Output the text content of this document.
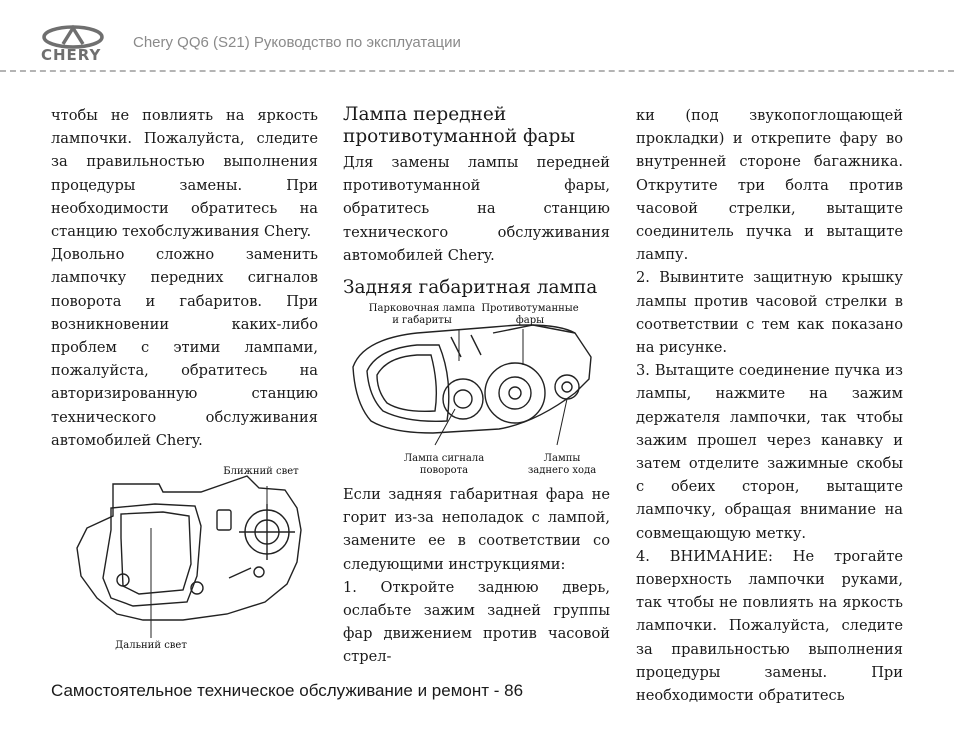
CHERY
Chery QQ6 (S21) Руководство по эксплуатации

чтобы не повлиять на яркость лампочки. Пожалуйста, следите за правильностью выполнения процедуры замены. При необходимости обратитесь на станцию техобслуживания Chery.

Довольно сложно заменить лампочку передних сигналов поворота и габаритов. При возникновении каких-либо проблем с этими лампами, пожалуйста, обратитесь на авторизированную станцию технического обслуживания автомобилей Chery.

Ближний свет
Дальний свет
Лампа передней противотуманной фары

Для замены лампы передней противотуманной фары, обратитесь на станцию технического обслуживания автомобилей Chery.

Задняя габаритная лампа
Парковочная лампа
и габариты
Противотуманные
фары
Лампа сигнала
поворота
Лампы
заднего хода

Если задняя габаритная фара не горит из-за неполадок с лампой, замените ее в соответствии со следующими инструкциями:

1. Откройте заднюю дверь, ослабьте зажим задней группы фар движением против часовой стрел-

ки (под звукопоглощающей прокладки) и открепите фару во внутренней стороне багажника. Открутите три болта против часовой стрелки, вытащите соединитель пучка и вытащите лампу.

2. Вывинтите защитную крышку лампы против часовой стрелки в соответствии с тем как показано на рисунке.

3. Вытащите соединение пучка из лампы, нажмите на зажим держателя лампочки, так чтобы зажим прошел через канавку и затем отделите зажимные скобы с обеих сторон, вытащите лампочку, обращая внимание на совмещающую метку.

4. ВНИМАНИЕ: Не трогайте поверхность лампочки руками, так чтобы не повлиять на яркость лампочки. Пожалуйста, следите за правильностью выполнения процедуры замены. При необходимости обратитесь

Самостоятельное техническое обслуживание и ремонт - 86
